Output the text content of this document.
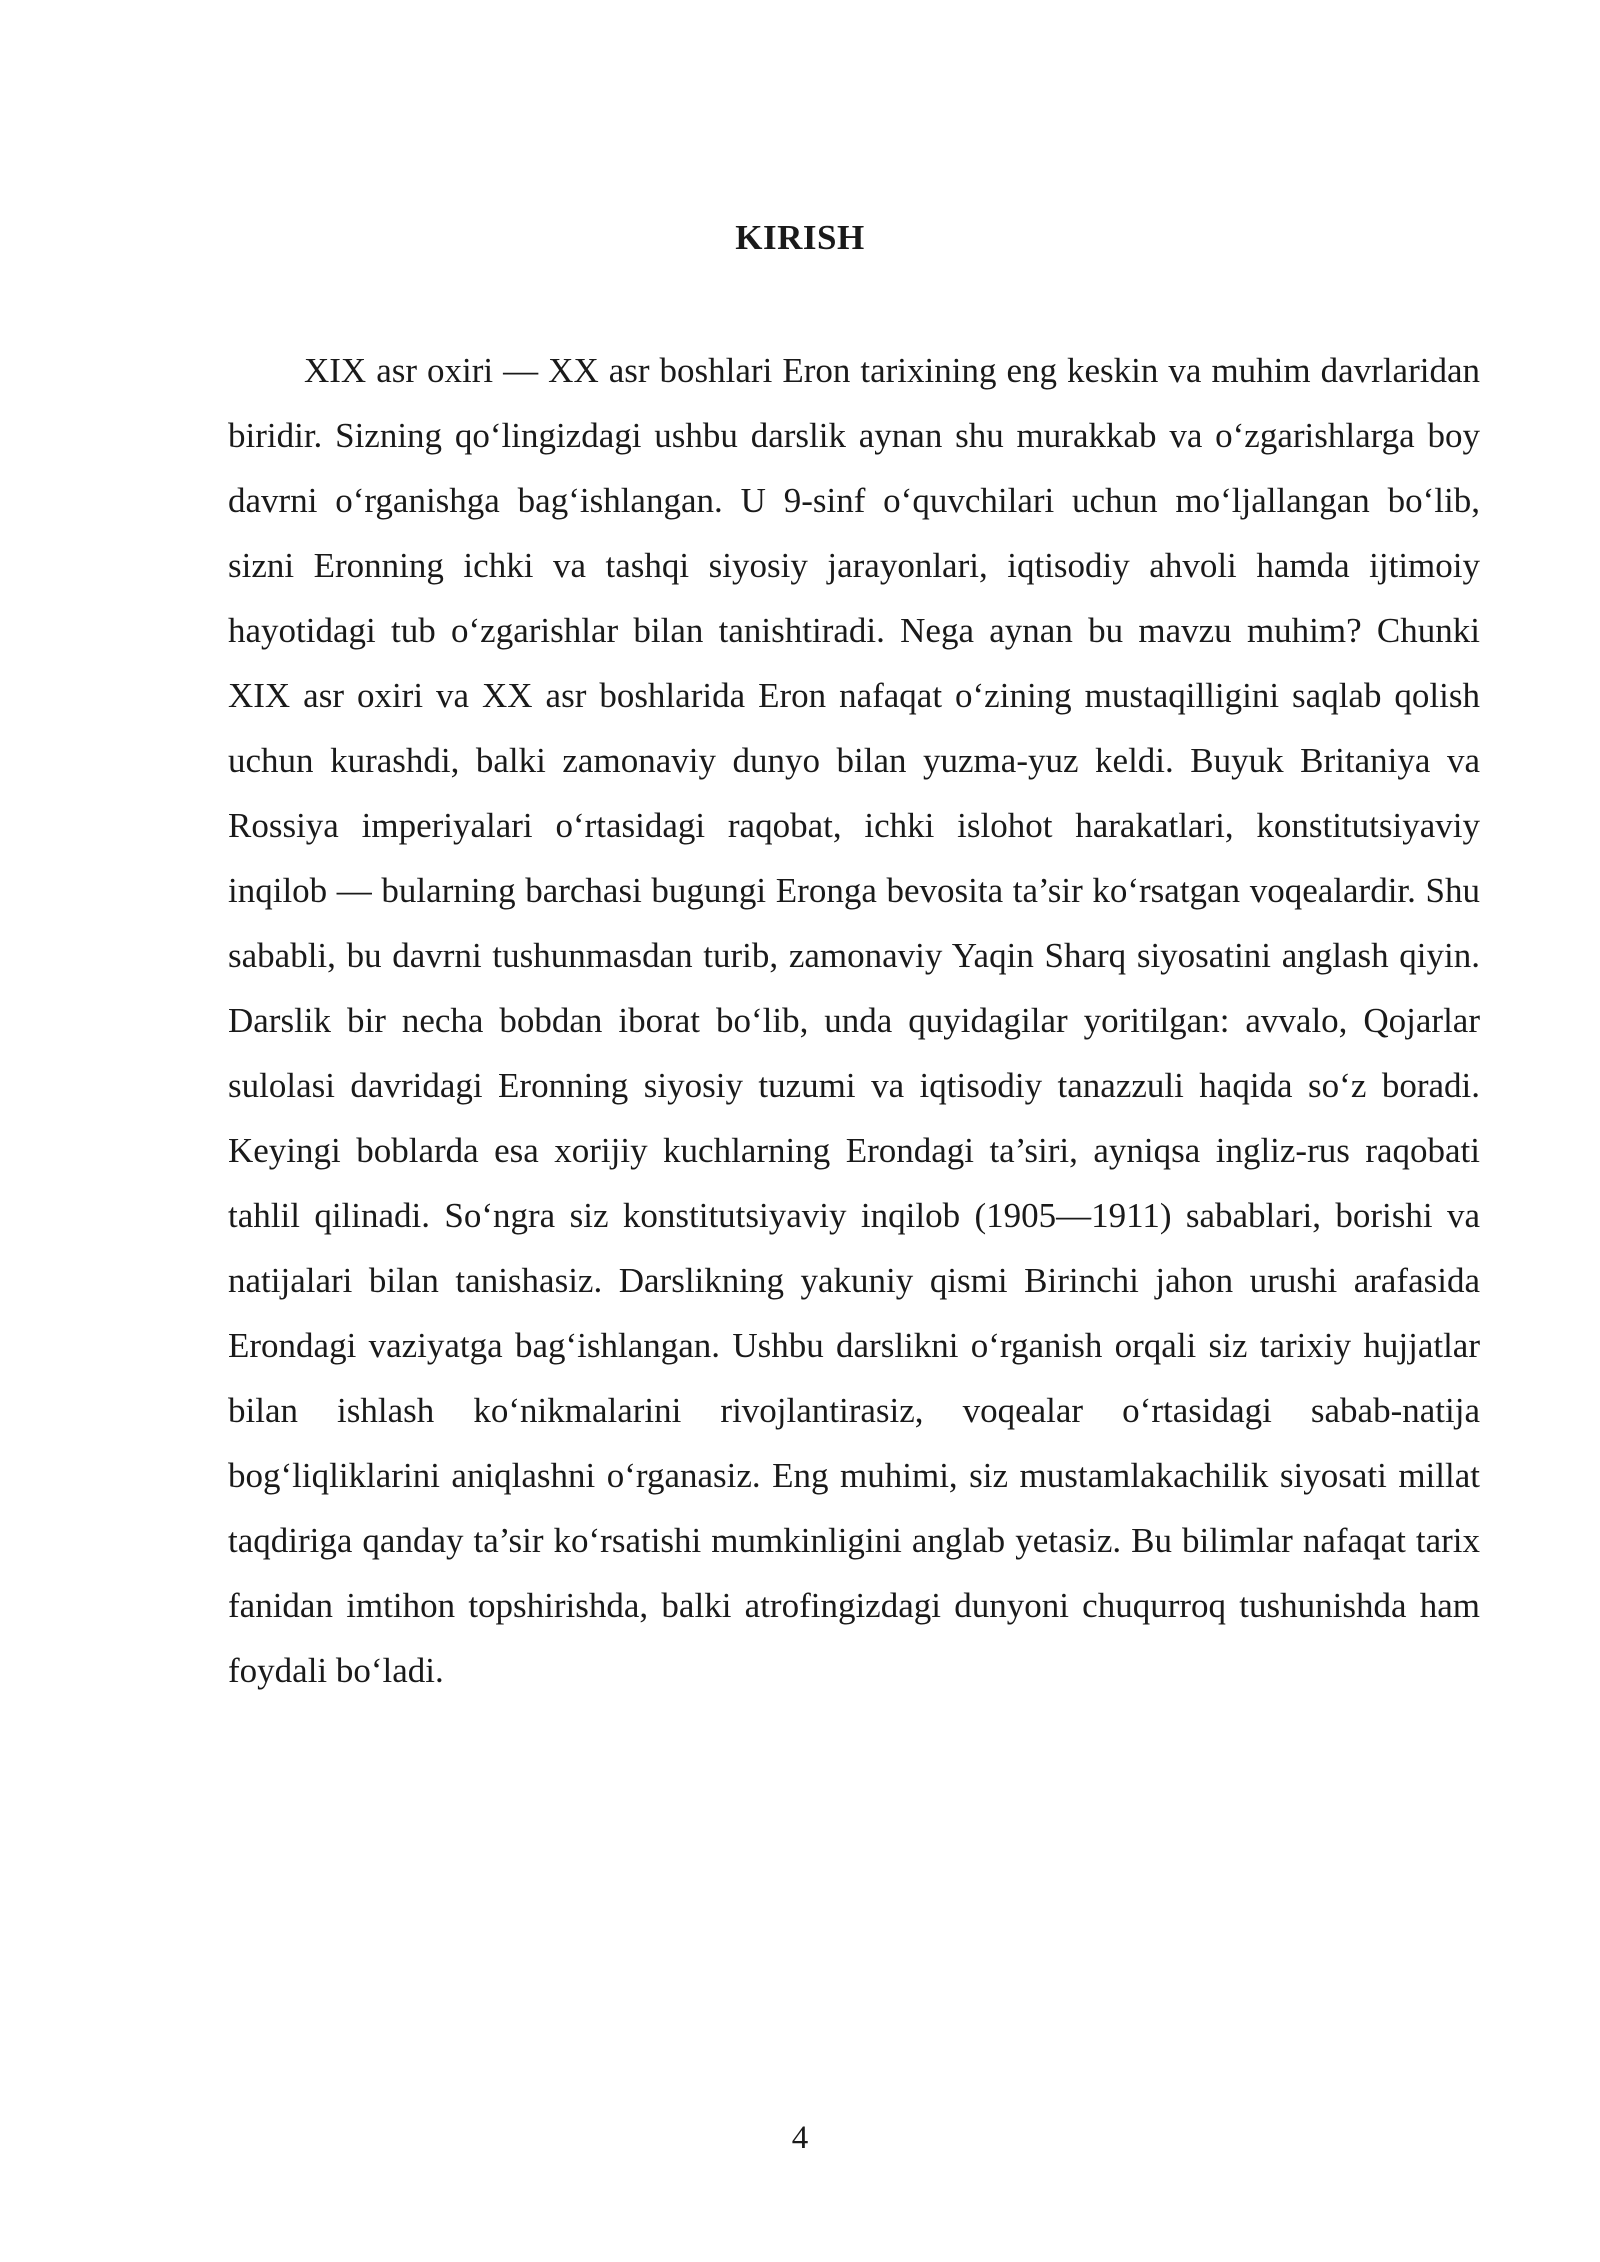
KIRISH

XIX asr oxiri — XX asr boshlari Eron tarixining eng keskin va muhim davrlaridan biridir. Sizning qo‘lingizdagi ushbu darslik aynan shu murakkab va o‘zgarishlarga boy davrni o‘rganishga bag‘ishlangan. U 9-sinf o‘quvchilari uchun mo‘ljallangan bo‘lib, sizni Eronning ichki va tashqi siyosiy jarayonlari, iqtisodiy ahvoli hamda ijtimoiy hayotidagi tub o‘zgarishlar bilan tanishtiradi. Nega aynan bu mavzu muhim? Chunki XIX asr oxiri va XX asr boshlarida Eron nafaqat o‘zining mustaqilligini saqlab qolish uchun kurashdi, balki zamonaviy dunyo bilan yuzma-yuz keldi. Buyuk Britaniya va Rossiya imperiyalari o‘rtasidagi raqobat, ichki islohot harakatlari, konstitutsiyaviy inqilob — bularning barchasi bugungi Eronga bevosita ta’sir ko‘rsatgan voqealardir. Shu sababli, bu davrni tushunmasdan turib, zamonaviy Yaqin Sharq siyosatini anglash qiyin. Darslik bir necha bobdan iborat bo‘lib, unda quyidagilar yoritilgan: avvalo, Qojarlar sulolasi davridagi Eronning siyosiy tuzumi va iqtisodiy tanazzuli haqida so‘z boradi. Keyingi boblarda esa xorijiy kuchlarning Erondagi ta’siri, ayniqsa ingliz-rus raqobati tahlil qilinadi. So‘ngra siz konstitutsiyaviy inqilob (1905—1911) sabablari, borishi va natijalari bilan tanishasiz. Darslikning yakuniy qismi Birinchi jahon urushi arafasida Erondagi vaziyatga bag‘ishlangan. Ushbu darslikni o‘rganish orqali siz tarixiy hujjatlar bilan ishlash ko‘nikmalarini rivojlantirasiz, voqealar o‘rtasidagi sabab-natija bog‘liqliklarini aniqlashni o‘rganasiz. Eng muhimi, siz mustamlakachilik siyosati millat taqdiriga qanday ta’sir ko‘rsatishi mumkinligini anglab yetasiz. Bu bilimlar nafaqat tarix fanidan imtihon topshirishda, balki atrofingizdagi dunyoni chuqurroq tushunishda ham foydali bo‘ladi.

4
